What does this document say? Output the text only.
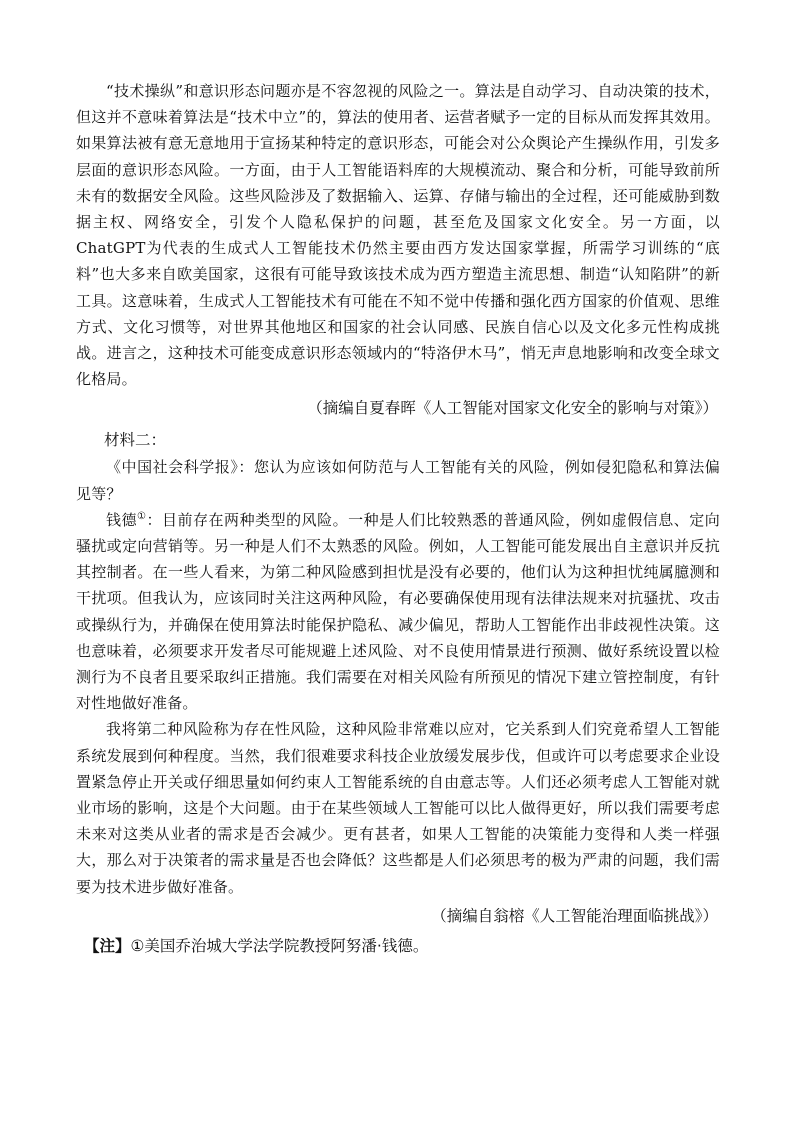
“技术操纵”和意识形态问题亦是不容忽视的风险之一。算法是自动学习、自动决策的技术，但这并不意味着算法是“技术中立”的，算法的使用者、运营者赋予一定的目标从而发挥其效用。如果算法被有意无意地用于宣扬某种特定的意识形态，可能会对公众舆论产生操纵作用，引发多层面的意识形态风险。一方面，由于人工智能语料库的大规模流动、聚合和分析，可能导致前所未有的数据安全风险。这些风险涉及了数据输入、运算、存储与输出的全过程，还可能威胁到数据主权、网络安全，引发个人隐私保护的问题，甚至危及国家文化安全。另一方面，以ChatGPT为代表的生成式人工智能技术仍然主要由西方发达国家掌握，所需学习训练的“底料”也大多来自欧美国家，这很有可能导致该技术成为西方塑造主流思想、制造“认知陷阱”的新工具。这意味着，生成式人工智能技术有可能在不知不觉中传播和强化西方国家的价值观、思维方式、文化习惯等，对世界其他地区和国家的社会认同感、民族自信心以及文化多元性构成挑战。进言之，这种技术可能变成意识形态领域内的“特洛伊木马”，悄无声息地影响和改变全球文化格局。

（摘编自夏春晖《人工智能对国家文化安全的影响与对策》）

材料二：

《中国社会科学报》：您认为应该如何防范与人工智能有关的风险，例如侵犯隐私和算法偏见等？

钱德①：目前存在两种类型的风险。一种是人们比较熟悉的普通风险，例如虚假信息、定向骚扰或定向营销等。另一种是人们不太熟悉的风险。例如，人工智能可能发展出自主意识并反抗其控制者。在一些人看来，为第二种风险感到担忧是没有必要的，他们认为这种担忧纯属臆测和干扰项。但我认为，应该同时关注这两种风险，有必要确保使用现有法律法规来对抗骚扰、攻击或操纵行为，并确保在使用算法时能保护隐私、减少偏见，帮助人工智能作出非歧视性决策。这也意味着，必须要求开发者尽可能规避上述风险、对不良使用情景进行预测、做好系统设置以检测行为不良者且要采取纠正措施。我们需要在对相关风险有所预见的情况下建立管控制度，有针对性地做好准备。

我将第二种风险称为存在性风险，这种风险非常难以应对，它关系到人们究竟希望人工智能系统发展到何种程度。当然，我们很难要求科技企业放缓发展步伐，但或许可以考虑要求企业设置紧急停止开关或仔细思量如何约束人工智能系统的自由意志等。人们还必须考虑人工智能对就业市场的影响，这是个大问题。由于在某些领域人工智能可以比人做得更好，所以我们需要考虑未来对这类从业者的需求是否会减少。更有甚者，如果人工智能的决策能力变得和人类一样强大，那么对于决策者的需求量是否也会降低？这些都是人们必须思考的极为严肃的问题，我们需要为技术进步做好准备。

（摘编自翁榕《人工智能治理面临挑战》）

【注】①美国乔治城大学法学院教授阿努潘·钱德。
